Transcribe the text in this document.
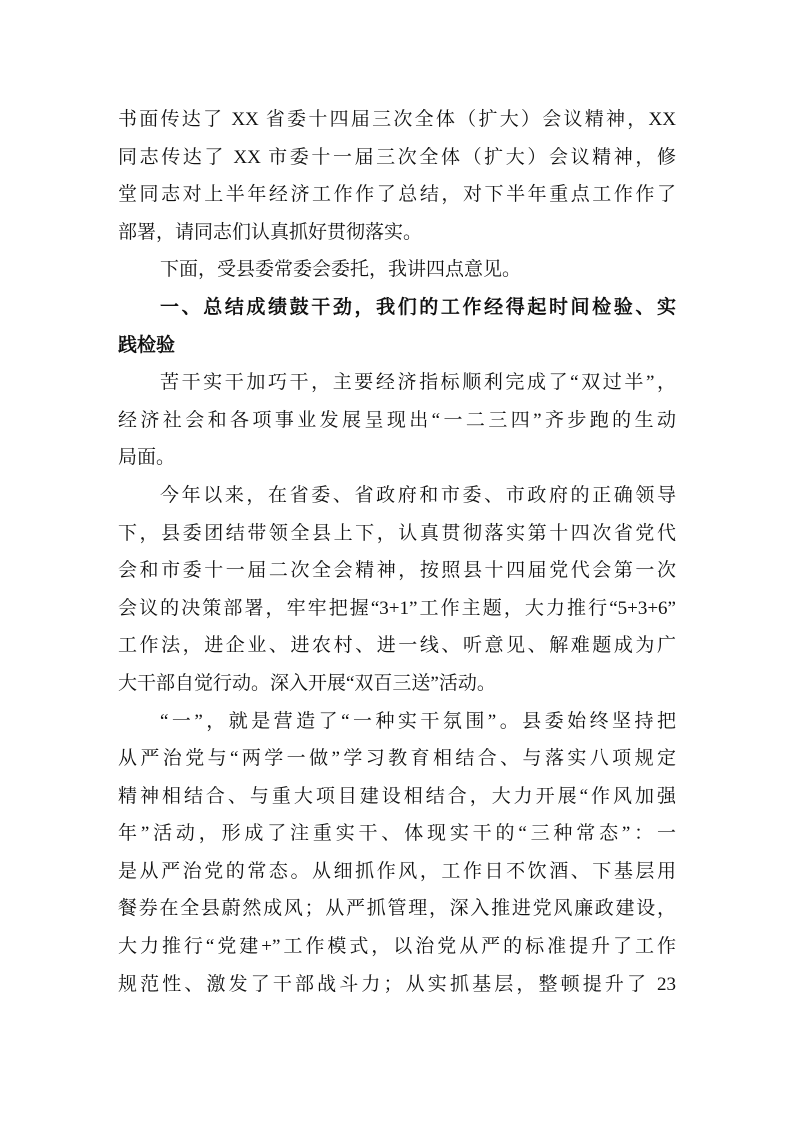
书面传达了 XX 省委十四届三次全体（扩大）会议精神，XX
同志传达了 XX 市委十一届三次全体（扩大）会议精神，修
堂同志对上半年经济工作作了总结，对下半年重点工作作了
部署，请同志们认真抓好贯彻落实。
下面，受县委常委会委托，我讲四点意见。
一、总结成绩鼓干劲，我们的工作经得起时间检验、实
践检验
苦干实干加巧干，主要经济指标顺利完成了“双过半”，
经济社会和各项事业发展呈现出“一二三四”齐步跑的生动
局面。
今年以来，在省委、省政府和市委、市政府的正确领导
下，县委团结带领全县上下，认真贯彻落实第十四次省党代
会和市委十一届二次全会精神，按照县十四届党代会第一次
会议的决策部署，牢牢把握“3+1”工作主题，大力推行“5+3+6”
工作法，进企业、进农村、进一线、听意见、解难题成为广
大干部自觉行动。深入开展“双百三送”活动。
“一”，就是营造了“一种实干氛围”。县委始终坚持把
从严治党与“两学一做”学习教育相结合、与落实八项规定
精神相结合、与重大项目建设相结合，大力开展“作风加强
年”活动，形成了注重实干、体现实干的“三种常态”：一
是从严治党的常态。从细抓作风，工作日不饮酒、下基层用
餐券在全县蔚然成风；从严抓管理，深入推进党风廉政建设，
大力推行“党建+”工作模式，以治党从严的标准提升了工作
规范性、激发了干部战斗力；从实抓基层，整顿提升了 23
